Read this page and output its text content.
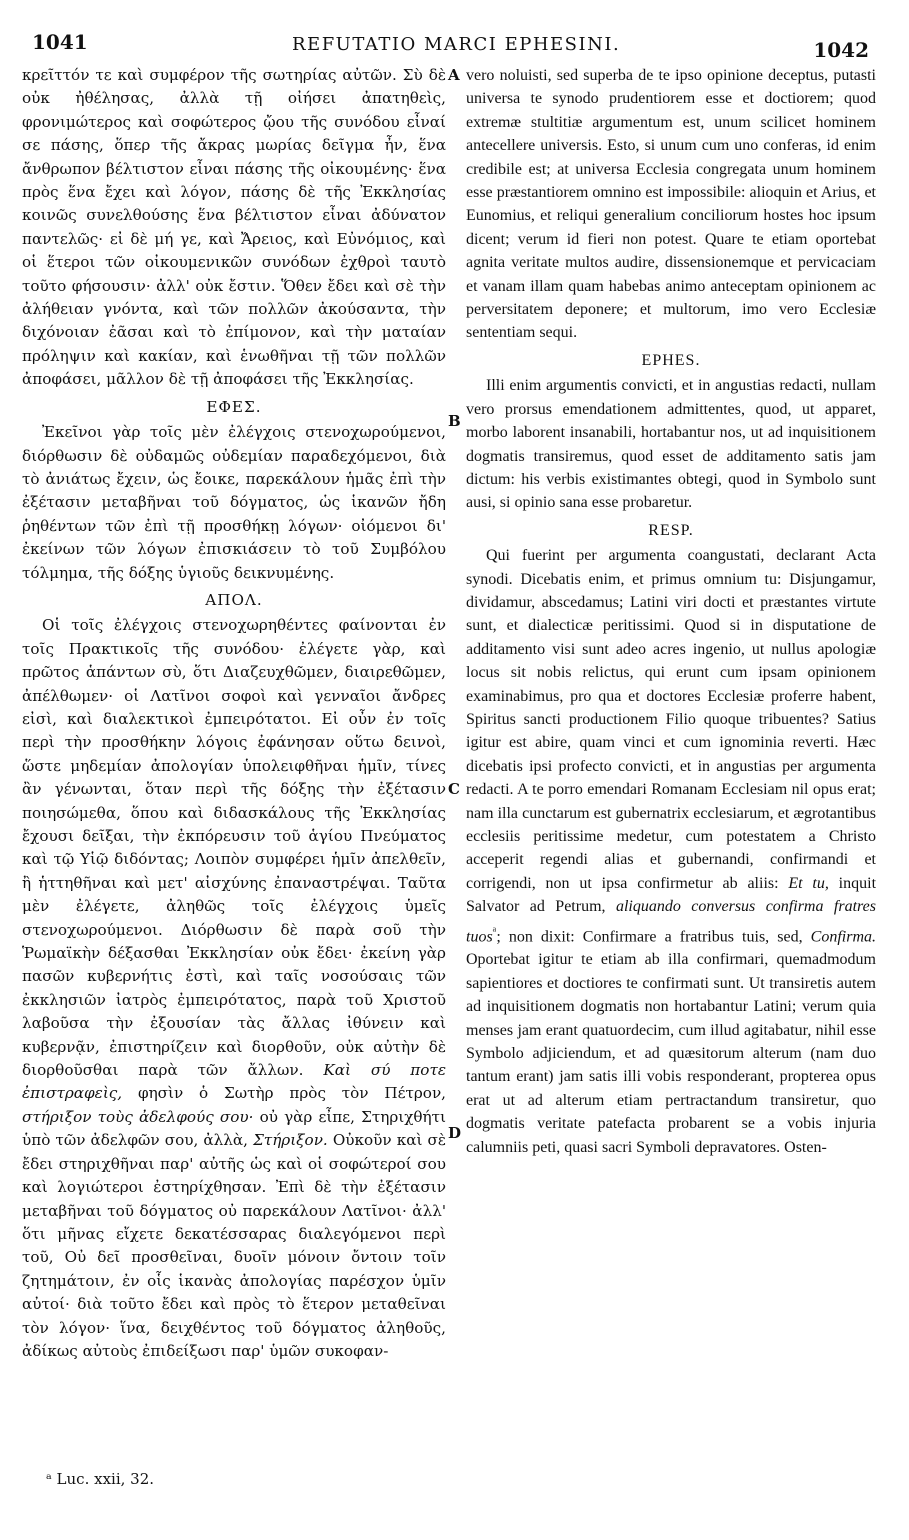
1041	REFUTATIO MARCI EPHESINI.	1042
A
B
C
D

κρεῖττόν τε καὶ συμφέρον τῆς σωτηρίας αὐτῶν. Σὺ δὲ οὐκ ἠθέλησας, ἀλλὰ τῇ οἰήσει ἀπατηθεὶς, φρονιμώτερος καὶ σοφώτερος ᾤου τῆς συνόδου εἶναί σε πάσης, ὅπερ τῆς ἄκρας μωρίας δεῖγμα ἦν, ἕνα ἄνθρωπον βέλτιστον εἶναι πάσης τῆς οἰκουμένης· ἕνα πρὸς ἕνα ἔχει καὶ λόγον, πάσης δὲ τῆς Ἐκκλησίας κοινῶς συνελθούσης ἕνα βέλτιστον εἶναι ἀδύνατον παντελῶς· εἰ δὲ μή γε, καὶ Ἄρειος, καὶ Εὐνόμιος, καὶ οἱ ἕτεροι τῶν οἰκουμενικῶν συνόδων ἐχθροὶ ταυτὸ τοῦτο φήσουσιν· ἀλλ' οὐκ ἔστιν. Ὅθεν ἔδει καὶ σὲ τὴν ἀλήθειαν γνόντα, καὶ τῶν πολλῶν ἀκούσαντα, τὴν διχόνοιαν ἐᾶσαι καὶ τὸ ἐπίμονον, καὶ τὴν ματαίαν πρόληψιν καὶ κακίαν, καὶ ἑνωθῆναι τῇ τῶν πολλῶν ἀποφάσει, μᾶλλον δὲ τῇ ἀποφάσει τῆς Ἐκκλησίας.

ΕΦΕΣ.

Ἐκεῖνοι γὰρ τοῖς μὲν ἐλέγχοις στενοχωρούμενοι, διόρθωσιν δὲ οὐδαμῶς οὐδεμίαν παραδεχόμενοι, διὰ τὸ ἀνιάτως ἔχειν, ὡς ἔοικε, παρεκάλουν ἡμᾶς ἐπὶ τὴν ἐξέτασιν μεταβῆναι τοῦ δόγματος, ὡς ἱκανῶν ἤδη ῥηθέντων τῶν ἐπὶ τῇ προσθήκῃ λόγων· οἰόμενοι δι' ἐκείνων τῶν λόγων ἐπισκιάσειν τὸ τοῦ Συμβόλου τόλμημα, τῆς δόξης ὑγιοῦς δεικνυμένης.

ΑΠΟΛ.

Οἱ τοῖς ἐλέγχοις στενοχωρηθέντες φαίνονται ἐν τοῖς Πρακτικοῖς τῆς συνόδου· ἐλέγετε γὰρ, καὶ πρῶτος ἁπάντων σὺ, ὅτι Διαζευχθῶμεν, διαιρεθῶμεν, ἀπέλθωμεν· οἱ Λατῖνοι σοφοὶ καὶ γενναῖοι ἄνδρες εἰσὶ, καὶ διαλεκτικοὶ ἐμπειρότατοι. Εἰ οὖν ἐν τοῖς περὶ τὴν προσθήκην λόγοις ἐφάνησαν οὕτω δεινοὶ, ὥστε μηδεμίαν ἀπολογίαν ὑπολειφθῆναι ἡμῖν, τίνες ἂν γένωνται, ὅταν περὶ τῆς δόξης τὴν ἐξέτασιν ποιησώμεθα, ὅπου καὶ διδασκάλους τῆς Ἐκκλησίας ἔχουσι δεῖξαι, τὴν ἐκπόρευσιν τοῦ ἁγίου Πνεύματος καὶ τῷ Υἱῷ διδόντας; Λοιπὸν συμφέρει ἡμῖν ἀπελθεῖν, ἢ ἡττηθῆναι καὶ μετ' αἰσχύνης ἐπαναστρέψαι. Ταῦτα μὲν ἐλέγετε, ἀληθῶς τοῖς ἐλέγχοις ὑμεῖς στενοχωρούμενοι. Διόρθωσιν δὲ παρὰ σοῦ τὴν Ῥωμαϊκὴν δέξασθαι Ἐκκλησίαν οὐκ ἔδει· ἐκείνη γὰρ πασῶν κυβερνήτις ἐστὶ, καὶ ταῖς νοσούσαις τῶν ἐκκλησιῶν ἰατρὸς ἐμπειρότατος, παρὰ τοῦ Χριστοῦ λαβοῦσα τὴν ἐξουσίαν τὰς ἄλλας ἰθύνειν καὶ κυβερνᾷν, ἐπιστηρίζειν καὶ διορθοῦν, οὐκ αὐτὴν δὲ διορθοῦσθαι παρὰ τῶν ἄλλων. Καὶ σύ ποτε ἐπιστραφεὶς, φησὶν ὁ Σωτὴρ πρὸς τὸν Πέτρον, στήριξον τοὺς ἀδελφούς σου· οὐ γὰρ εἶπε, Στηριχθήτι ὑπὸ τῶν ἀδελφῶν σου, ἀλλὰ, Στήριξον. Οὐκοῦν καὶ σὲ ἔδει στηριχθῆναι παρ' αὐτῆς ὡς καὶ οἱ σοφώτεροί σου καὶ λογιώτεροι ἐστηρίχθησαν. Ἐπὶ δὲ τὴν ἐξέτασιν μεταβῆναι τοῦ δόγματος οὐ παρεκάλουν Λατῖνοι· ἀλλ' ὅτι μῆνας εἴχετε δεκατέσσαρας διαλεγόμενοι περὶ τοῦ, Οὐ δεῖ προσθεῖναι, δυοῖν μόνοιν ὄντοιν τοῖν ζητημάτοιν, ἐν οἷς ἱκανὰς ἀπολογίας παρέσχον ὑμῖν αὐτοί· διὰ τοῦτο ἔδει καὶ πρὸς τὸ ἕτερον μεταθεῖναι τὸν λόγον· ἵνα, δειχθέντος τοῦ δόγματος ἀληθοῦς, ἀδίκως αὐτοὺς ἐπιδείξωσι παρ' ὑμῶν συκοφαν-

vero noluisti, sed superba de te ipso opinione deceptus, putasti universa te synodo prudentiorem esse et doctiorem; quod extremæ stultitiæ argumentum est, unum scilicet hominem antecellere universis. Esto, si unum cum uno conferas, id enim credibile est; at universa Ecclesia congregata unum hominem esse præstantiorem omnino est impossibile: alioquin et Arius, et Eunomius, et reliqui generalium conciliorum hostes hoc ipsum dicent; verum id fieri non potest. Quare te etiam oportebat agnita veritate multos audire, dissensionemque et pervicaciam et vanam illam quam habebas animo anteceptam opinionem ac perversitatem deponere; et multorum, imo vero Ecclesiæ sententiam sequi.

EPHES.

Illi enim argumentis convicti, et in angustias redacti, nullam vero prorsus emendationem admittentes, quod, ut apparet, morbo laborent insanabili, hortabantur nos, ut ad inquisitionem dogmatis transiremus, quod esset de additamento satis jam dictum: his verbis existimantes obtegi, quod in Symbolo sunt ausi, si opinio sana esse probaretur.

RESP.

Qui fuerint per argumenta coangustati, declarant Acta synodi. Dicebatis enim, et primus omnium tu: Disjungamur, dividamur, abscedamus; Latini viri docti et præstantes virtute sunt, et dialecticæ peritissimi. Quod si in disputatione de additamento visi sunt adeo acres ingenio, ut nullus apologiæ locus sit nobis relictus, qui erunt cum ipsam opinionem examinabimus, pro qua et doctores Ecclesiæ proferre habent, Spiritus sancti productionem Filio quoque tribuentes? Satius igitur est abire, quam vinci et cum ignominia reverti. Hæc dicebatis ipsi profecto convicti, et in angustias per argumenta redacti. A te porro emendari Romanam Ecclesiam nil opus erat; nam illa cunctarum est gubernatrix ecclesiarum, et ægrotantibus ecclesiis peritissime medetur, cum potestatem a Christo acceperit regendi alias et gubernandi, confirmandi et corrigendi, non ut ipsa confirmetur ab aliis: Et tu, inquit Salvator ad Petrum, aliquando conversus confirma fratres tuos$^ᵃ$; non dixit: Confirmare a fratribus tuis, sed, Confirma. Oportebat igitur te etiam ab illa confirmari, quemadmodum sapientiores et doctiores te confirmati sunt. Ut transiretis autem ad inquisitionem dogmatis non hortabantur Latini; verum quia menses jam erant quatuordecim, cum illud agitabatur, nihil esse Symbolo adjiciendum, et ad quæsitorum alterum (nam duo tantum erant) jam satis illi vobis responderant, propterea opus erat ut ad alterum etiam pertractandum transiretur, quo dogmatis veritate patefacta probarent se a vobis injuria calumniis peti, quasi sacri Symboli depravatores. Osten-

ᵃ Luc. xxii, 32.
